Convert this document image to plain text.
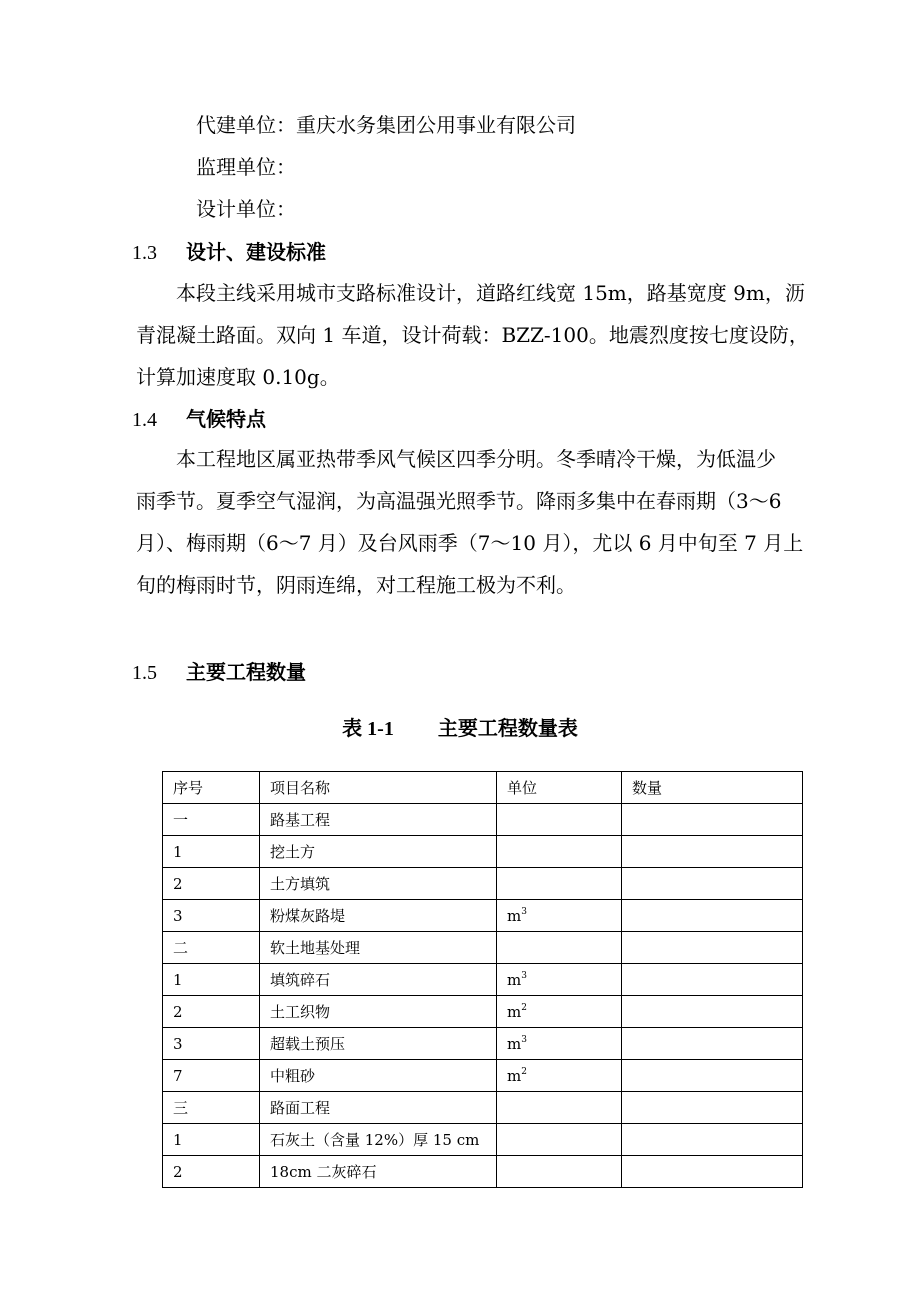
代建单位：重庆水务集团公用事业有限公司
监理单位：
设计单位：
1.3 设计、建设标准
本段主线采用城市支路标准设计，道路红线宽 15m，路基宽度 9m，沥
青混凝土路面。双向 1 车道，设计荷载：BZZ-100。地震烈度按七度设防，
计算加速度取 0.10g。
1.4 气候特点
本工程地区属亚热带季风气候区四季分明。冬季晴冷干燥，为低温少
雨季节。夏季空气湿润，为高温强光照季节。降雨多集中在春雨期（3～6
月）、梅雨期（6～7 月）及台风雨季（7～10 月），尤以 6 月中旬至 7 月上
旬的梅雨时节，阴雨连绵，对工程施工极为不利。
1.5 主要工程数量
表 1-1 主要工程数量表
序号	项目名称	单位	数量
一	路基工程		
1	挖土方		
2	土方填筑		
3	粉煤灰路堤	$m^3$	
二	软土地基处理		
1	填筑碎石	$m^3$	
2	土工织物	$m^2$	
3	超载土预压	$m^3$	
7	中粗砂	$m^2$	
三	路面工程		
1	石灰土（含量 12%）厚 15 cm		
2	18cm 二灰碎石		
